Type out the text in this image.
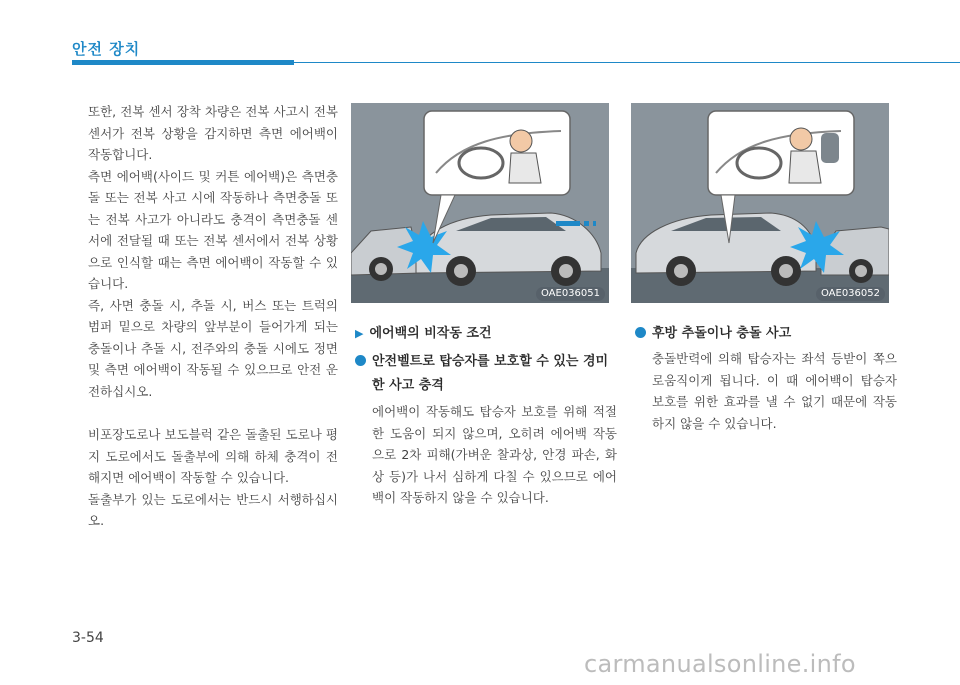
안전 장치

또한, 전복 센서 장착 차량은 전복 사고시 전복 센서가 전복 상황을 감지하면 측면 에어백이 작동합니다.

측면 에어백(사이드 및 커튼 에어백)은 측면충돌 또는 전복 사고 시에 작동하나 측면충돌 또는 전복 사고가 아니라도 충격이 측면충돌 센서에 전달될 때 또는 전복 센서에서 전복 상황으로 인식할 때는 측면 에어백이 작동할 수 있습니다.

즉, 사면 충돌 시, 추돌 시, 버스 또는 트럭의 범퍼 밑으로 차량의 앞부분이 들어가게 되는 충돌이나 추돌 시, 전주와의 충돌 시에도 정면 및 측면 에어백이 작동될 수 있으므로 안전 운전하십시오.

비포장도로나 보도블럭 같은 돌출된 도로나 평지 도로에서도 돌출부에 의해 하체 충격이 전해지면 에어백이 작동할 수 있습니다.

돌출부가 있는 도로에서는 반드시 서행하십시오.

OAE036051	OAE036052
▶ 에어백의 비작동 조건
안전벨트로 탑승자를 보호할 수 있는 경미
한 사고 충격

에어백이 작동해도 탑승자 보호를 위해 적절한 도움이 되지 않으며, 오히려 에어백 작동으로 2차 피해(가벼운 찰과상, 안경 파손, 화상 등)가 나서 심하게 다칠 수 있으므로 에어백이 작동하지 않을 수 있습니다.

후방 추돌이나 충돌 사고

충돌반력에 의해 탑승자는 좌석 등받이 쪽으로움직이게 됩니다. 이 때 에어백이 탑승자 보호를 위한 효과를 낼 수 없기 때문에 작동하지 않을 수 있습니다.

3-54
carmanualsonline.info
